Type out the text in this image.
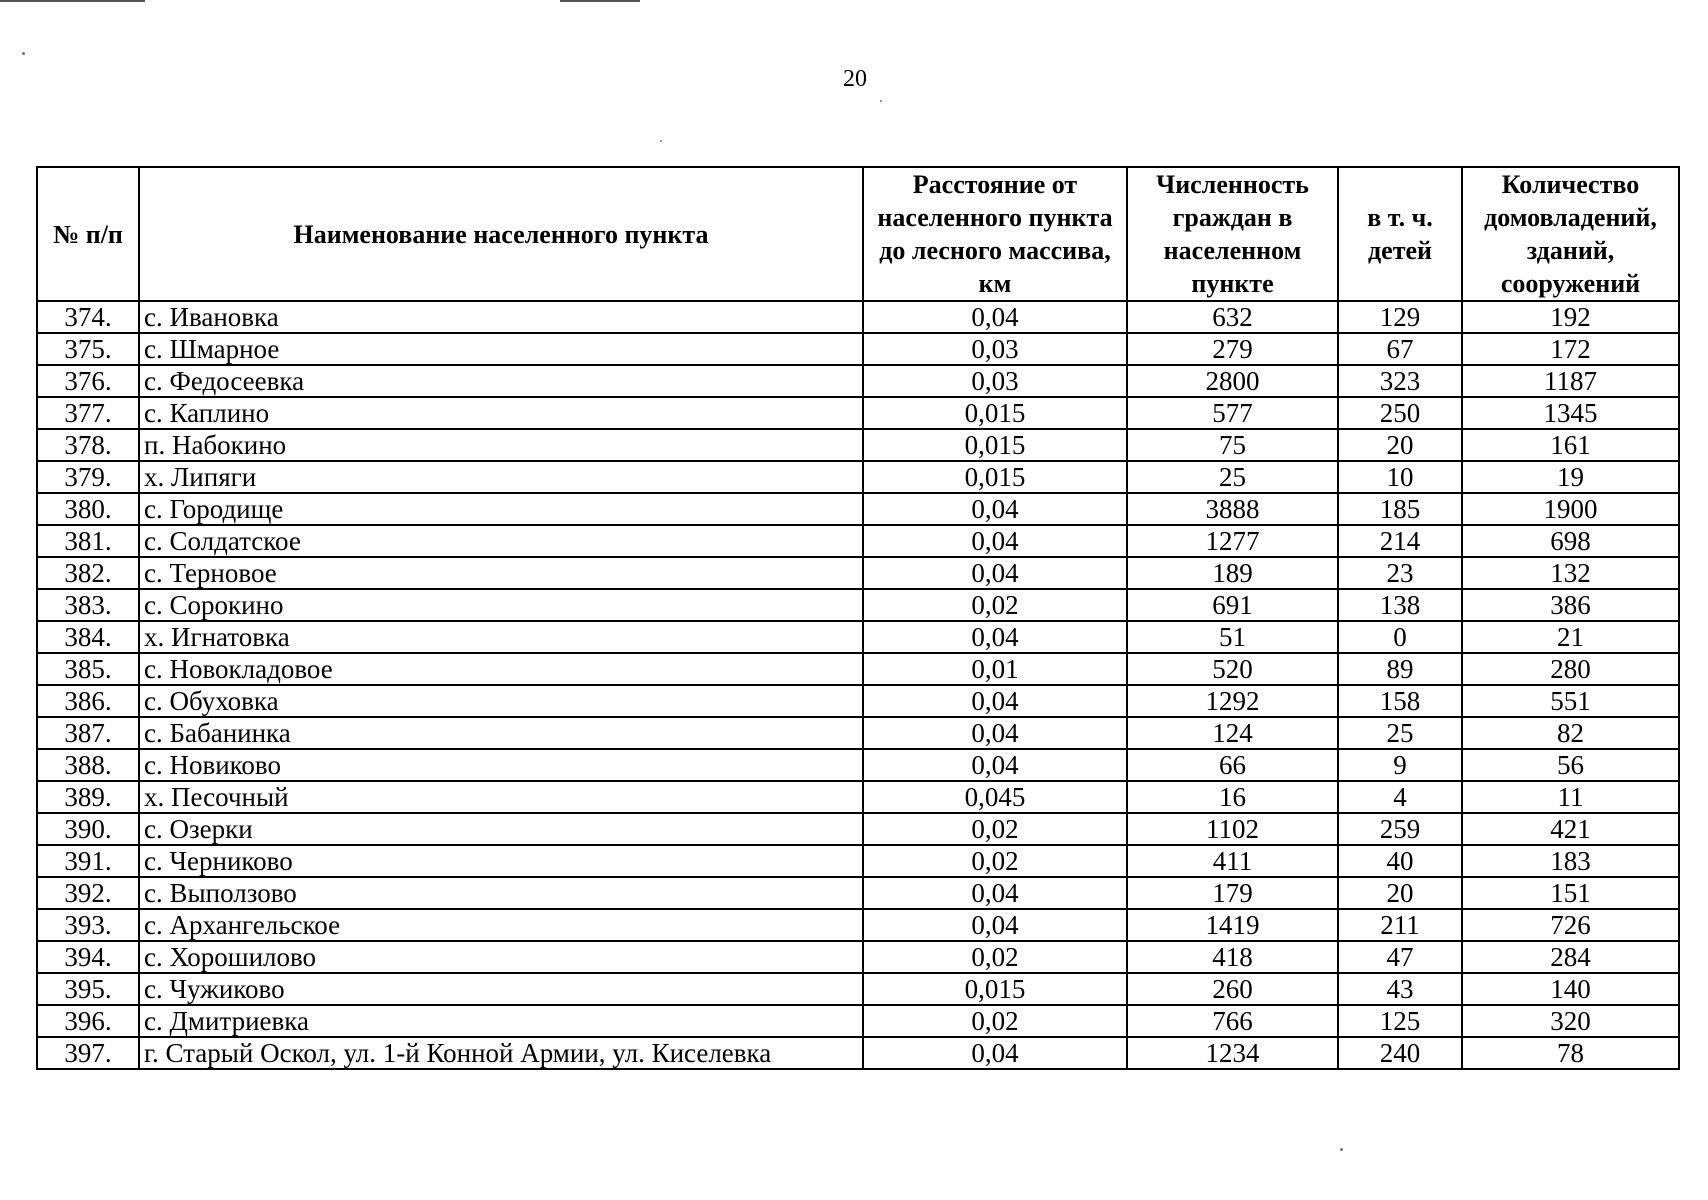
20
№ п/п	Наименование населенного пункта	Расстояние от населенного пункта до лесного массива, км	Численность граждан в населенном пункте	в т. ч. детей	Количество домовладений, зданий, сооружений
374.	с. Ивановка	0,04	632	129	192
375.	с. Шмарное	0,03	279	67	172
376.	с. Федосеевка	0,03	2800	323	1187
377.	с. Каплино	0,015	577	250	1345
378.	п. Набокино	0,015	75	20	161
379.	х. Липяги	0,015	25	10	19
380.	с. Городище	0,04	3888	185	1900
381.	с. Солдатское	0,04	1277	214	698
382.	с. Терновое	0,04	189	23	132
383.	с. Сорокино	0,02	691	138	386
384.	х. Игнатовка	0,04	51	0	21
385.	с. Новокладовое	0,01	520	89	280
386.	с. Обуховка	0,04	1292	158	551
387.	с. Бабанинка	0,04	124	25	82
388.	с. Новиково	0,04	66	9	56
389.	х. Песочный	0,045	16	4	11
390.	с. Озерки	0,02	1102	259	421
391.	с. Черниково	0,02	411	40	183
392.	с. Выползово	0,04	179	20	151
393.	с. Архангельское	0,04	1419	211	726
394.	с. Хорошилово	0,02	418	47	284
395.	с. Чужиково	0,015	260	43	140
396.	с. Дмитриевка	0,02	766	125	320
397.	г. Старый Оскол, ул. 1-й Конной Армии, ул. Киселевка	0,04	1234	240	78
